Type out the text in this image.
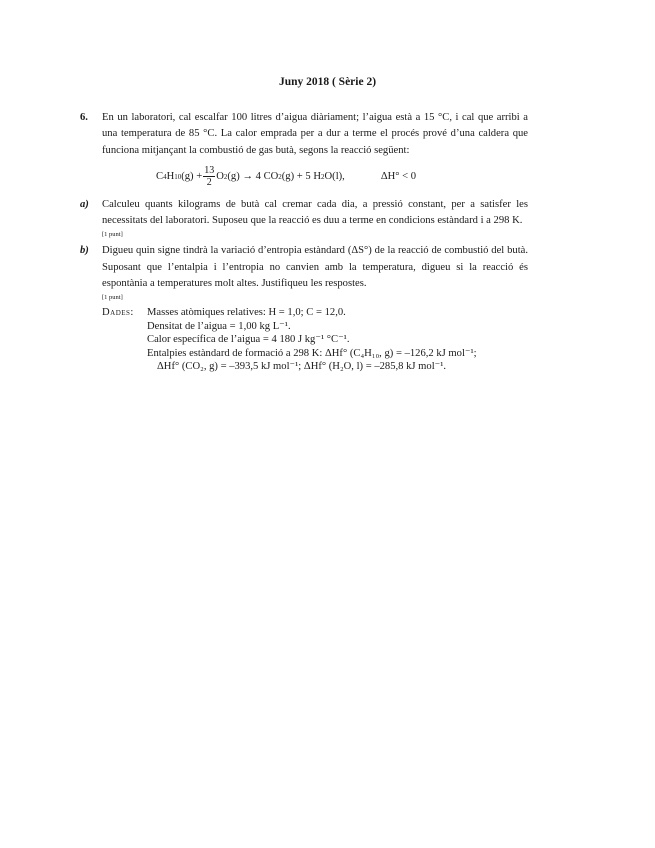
Juny 2018 ( Sèrie 2)
6. En un laboratori, cal escalfar 100 litres d’aigua diàriament; l’aigua està a 15 °C, i cal que arribi a una temperatura de 85 °C. La calor emprada per a dur a terme el procés prové d’una caldera que funciona mitjançant la combustió de gas butà, segons la reacció següent:
C 4 H 10 $(g) + \frac{13}{2}$ O 2 (g) → 4 CO 2 (g) + 5 H 2 O(l),	ΔH° < 0
a) Calculeu quants kilograms de butà cal cremar cada dia, a pressió constant, per a satisfer les necessitats del laboratori. Suposeu que la reacció es duu a terme en condicions estàndard i a 298 K.
[1 punt]
b) Digueu quin signe tindrà la variació d’entropia estàndard (ΔS°) de la reacció de combustió del butà. Suposant que l’entalpia i l’entropia no canvien amb la temperatura, digueu si la reacció és espontània a temperatures molt altes. Justifiqueu les respostes.
[1 punt]
Dades: Masses atòmiques relatives: H = 1,0; C = 12,0.
Densitat de l’aigua = 1,00 kg L⁻¹.
Calor específica de l’aigua = 4 180 J kg⁻¹ °C⁻¹.
Entalpies estàndard de formació a 298 K: ΔHf° (C₄H₁₀, g) = –126,2 kJ mol⁻¹;
ΔHf° (CO₂, g) = –393,5 kJ mol⁻¹; ΔHf° (H₂O, l) = –285,8 kJ mol⁻¹.
